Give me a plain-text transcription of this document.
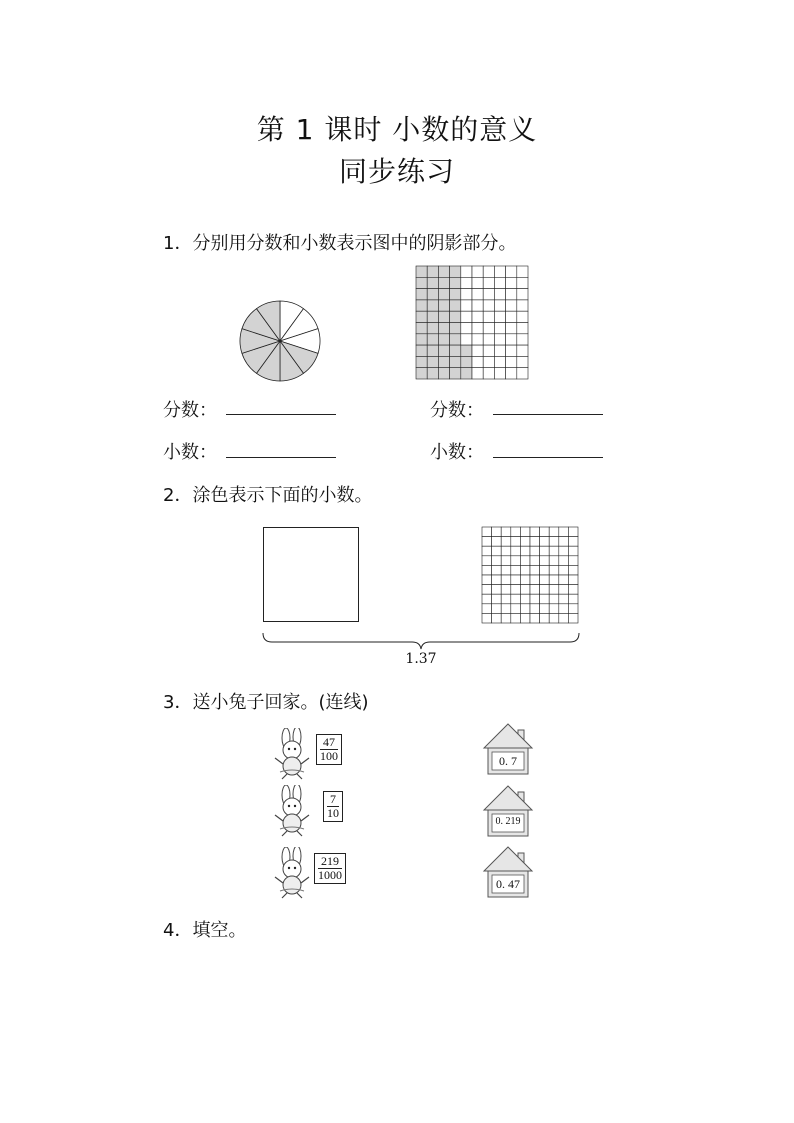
第 1 课时 小数的意义
同步练习
1．分别用分数和小数表示图中的阴影部分。
分数：	分数：
小数：	小数：
2．涂色表示下面的小数。
1.37
3．送小兔子回家。(连线)
$\frac{47}{100}$
$\frac{7}{10}$
$\frac{219}{1000}$
0. 7
0. 219
0. 47
4．填空。
